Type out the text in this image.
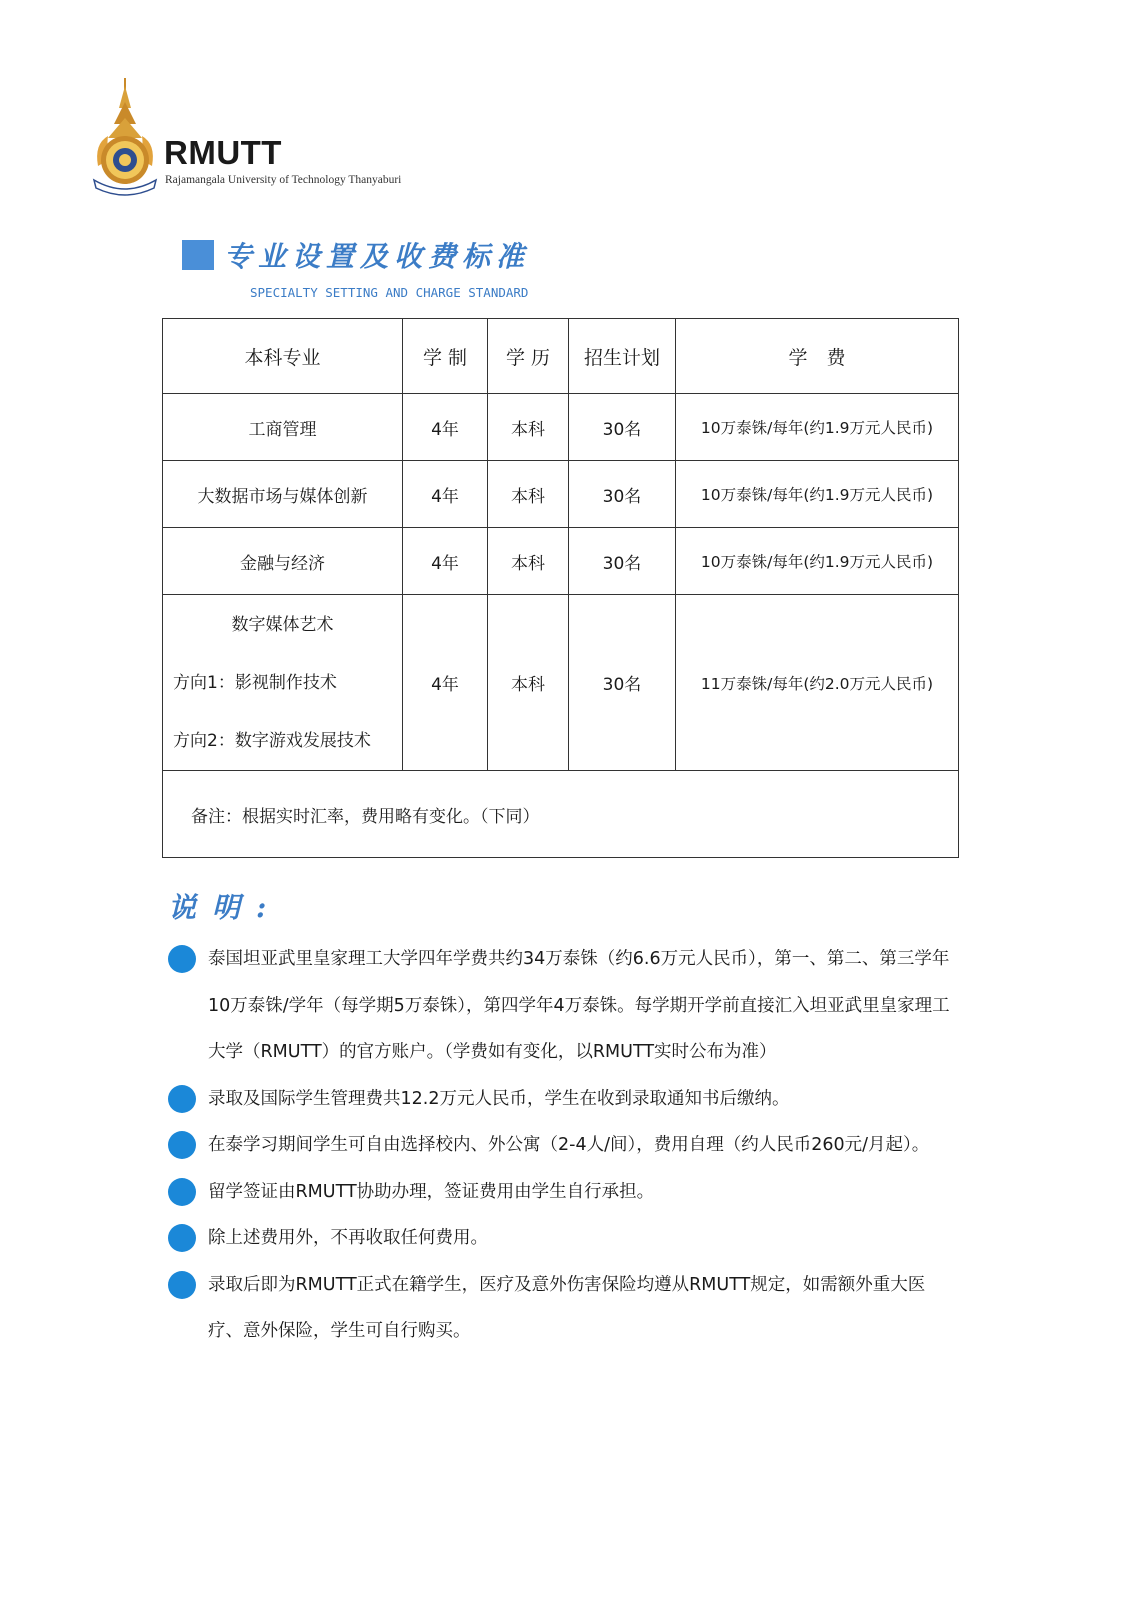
RMUTT
Rajamangala University of Technology Thanyaburi
专业设置及收费标准
SPECIALTY SETTING AND CHARGE STANDARD
本科专业	学 制	学 历	招生计划	学　费
工商管理	4年	本科	30名	10万泰铢/每年(约1.9万元人民币)
大数据市场与媒体创新	4年	本科	30名	10万泰铢/每年(约1.9万元人民币)
金融与经济	4年	本科	30名	10万泰铢/每年(约1.9万元人民币)

数字媒体艺术
方向1：影视制作技术
方向2：数字游戏发展技术	4年	本科	30名	11万泰铢/每年(约2.0万元人民币)
备注：根据实时汇率，费用略有变化。（下同）				
说明:
泰国坦亚武里皇家理工大学四年学费共约34万泰铢（约6.6万元人民币），第一、第二、第三学年10万泰铢/学年（每学期5万泰铢），第四学年4万泰铢。每学期开学前直接汇入坦亚武里皇家理工大学（RMUTT）的官方账户。（学费如有变化，以RMUTT实时公布为准）
录取及国际学生管理费共12.2万元人民币，学生在收到录取通知书后缴纳。
在泰学习期间学生可自由选择校内、外公寓（2-4人/间），费用自理（约人民币260元/月起）。
留学签证由RMUTT协助办理，签证费用由学生自行承担。
除上述费用外，不再收取任何费用。
录取后即为RMUTT正式在籍学生，医疗及意外伤害保险均遵从RMUTT规定，如需额外重大医疗、意外保险，学生可自行购买。
